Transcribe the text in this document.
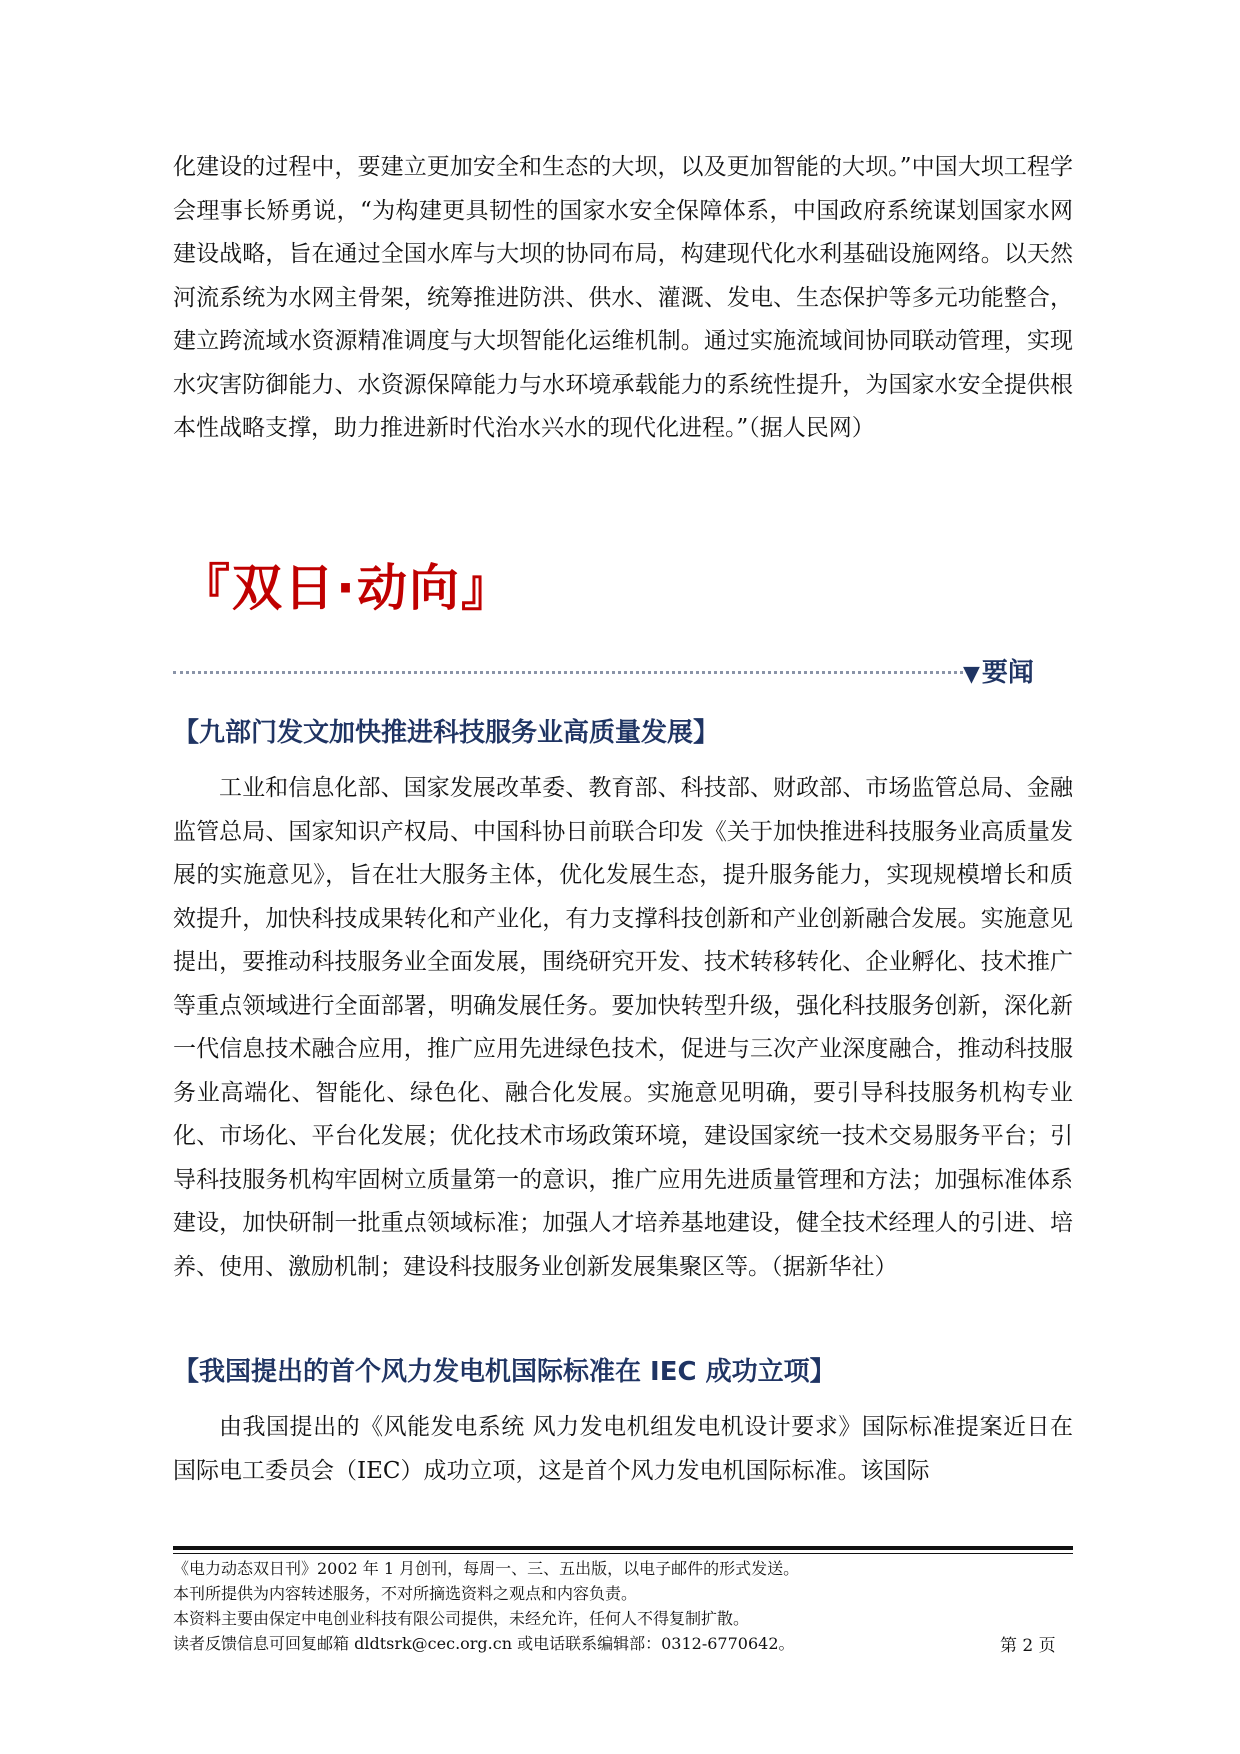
化建设的过程中，要建立更加安全和生态的大坝，以及更加智能的大坝。”中国大坝工程学会理事长矫勇说，“为构建更具韧性的国家水安全保障体系，中国政府系统谋划国家水网建设战略，旨在通过全国水库与大坝的协同布局，构建现代化水利基础设施网络。以天然河流系统为水网主骨架，统筹推进防洪、供水、灌溉、发电、生态保护等多元功能整合，建立跨流域水资源精准调度与大坝智能化运维机制。通过实施流域间协同联动管理，实现水灾害防御能力、水资源保障能力与水环境承载能力的系统性提升，为国家水安全提供根本性战略支撑，助力推进新时代治水兴水的现代化进程。”（据人民网）

『双日·动向』
▼要闻
【九部门发文加快推进科技服务业高质量发展】

工业和信息化部、国家发展改革委、教育部、科技部、财政部、市场监管总局、金融监管总局、国家知识产权局、中国科协日前联合印发《关于加快推进科技服务业高质量发展的实施意见》，旨在壮大服务主体，优化发展生态，提升服务能力，实现规模增长和质效提升，加快科技成果转化和产业化，有力支撑科技创新和产业创新融合发展。实施意见提出，要推动科技服务业全面发展，围绕研究开发、技术转移转化、企业孵化、技术推广等重点领域进行全面部署，明确发展任务。要加快转型升级，强化科技服务创新，深化新一代信息技术融合应用，推广应用先进绿色技术，促进与三次产业深度融合，推动科技服务业高端化、智能化、绿色化、融合化发展。实施意见明确，要引导科技服务机构专业化、市场化、平台化发展；优化技术市场政策环境，建设国家统一技术交易服务平台；引导科技服务机构牢固树立质量第一的意识，推广应用先进质量管理和方法；加强标准体系建设，加快研制一批重点领域标准；加强人才培养基地建设，健全技术经理人的引进、培养、使用、激励机制；建设科技服务业创新发展集聚区等。（据新华社）

【我国提出的首个风力发电机国际标准在 IEC 成功立项】

由我国提出的《风能发电系统 风力发电机组发电机设计要求》国际标准提案近日在国际电工委员会（IEC）成功立项，这是首个风力发电机国际标准。该国际

《电力动态双日刊》2002 年 1 月创刊，每周一、三、五出版，以电子邮件的形式发送。
本刊所提供为内容转述服务，不对所摘选资料之观点和内容负责。
本资料主要由保定中电创业科技有限公司提供，未经允许，任何人不得复制扩散。
读者反馈信息可回复邮箱 dldtsrk@cec.org.cn 或电话联系编辑部：0312-6770642。	第 2 页
